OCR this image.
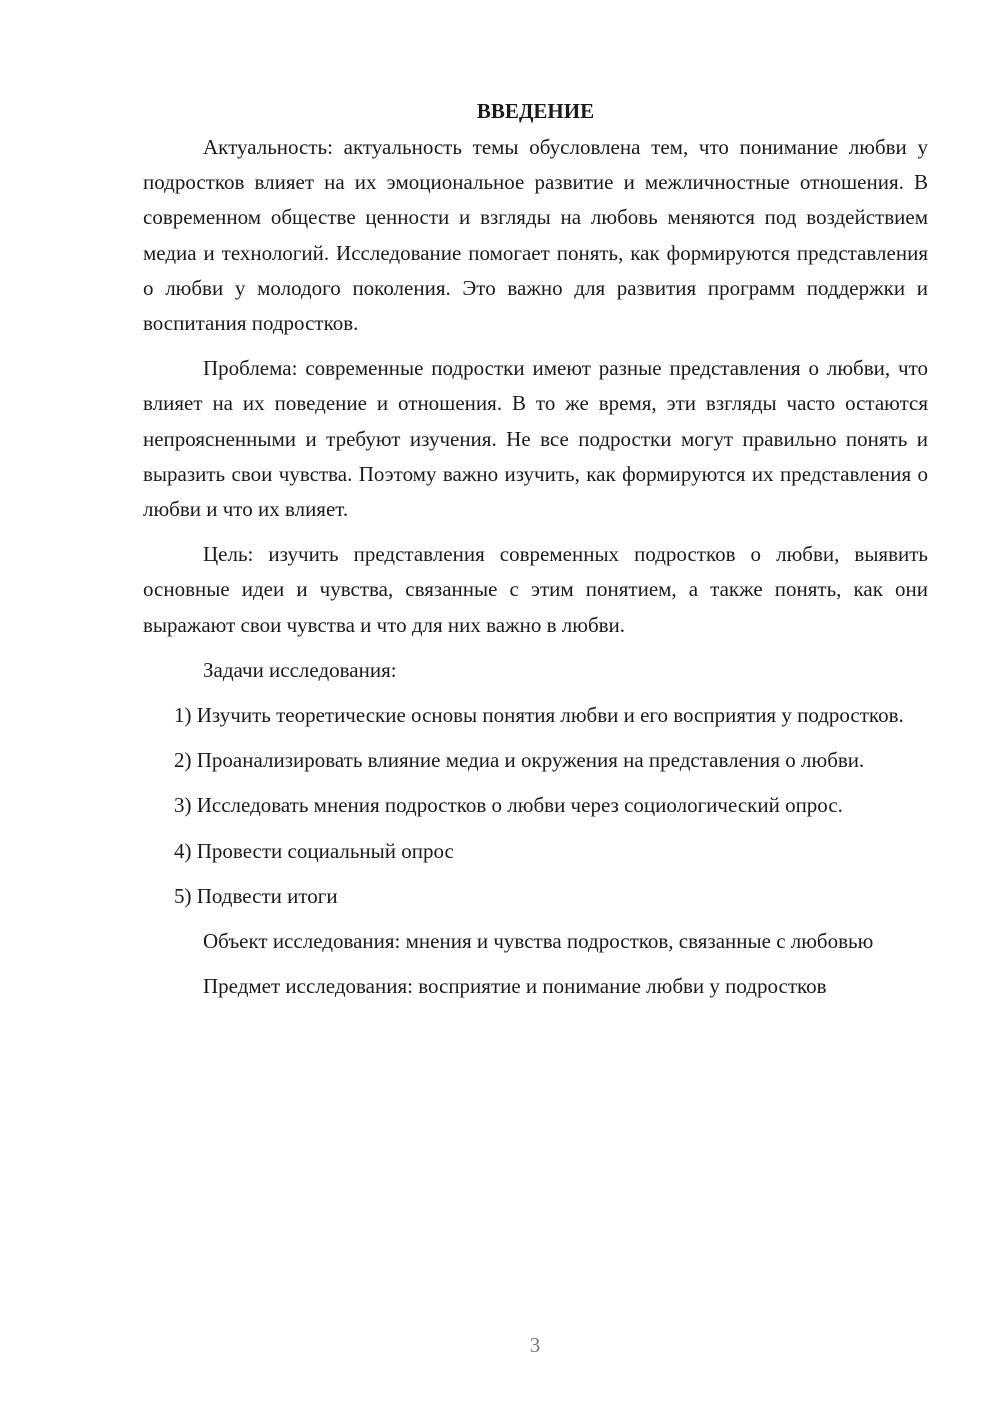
ВВЕДЕНИЕ

Актуальность: актуальность темы обусловлена тем, что понимание любви у подростков влияет на их эмоциональное развитие и межличностные отношения. В современном обществе ценности и взгляды на любовь меняются под воздействием медиа и технологий. Исследование помогает понять, как формируются представления о любви у молодого поколения. Это важно для развития программ поддержки и воспитания подростков.

Проблема: современные подростки имеют разные представления о любви, что влияет на их поведение и отношения. В то же время, эти взгляды часто остаются непроясненными и требуют изучения. Не все подростки могут правильно понять и выразить свои чувства. Поэтому важно изучить, как формируются их представления о любви и что их влияет.

Цель: изучить представления современных подростков о любви, выявить основные идеи и чувства, связанные с этим понятием, а также понять, как они выражают свои чувства и что для них важно в любви.

Задачи исследования:

1) Изучить теоретические основы понятия любви и его восприятия у подростков.

2) Проанализировать влияние медиа и окружения на представления о любви.

3) Исследовать мнения подростков о любви через социологический опрос.

4) Провести социальный опрос

5) Подвести итоги

Объект исследования: мнения и чувства подростков, связанные с любовью

Предмет исследования: восприятие и понимание любви у подростков

3
